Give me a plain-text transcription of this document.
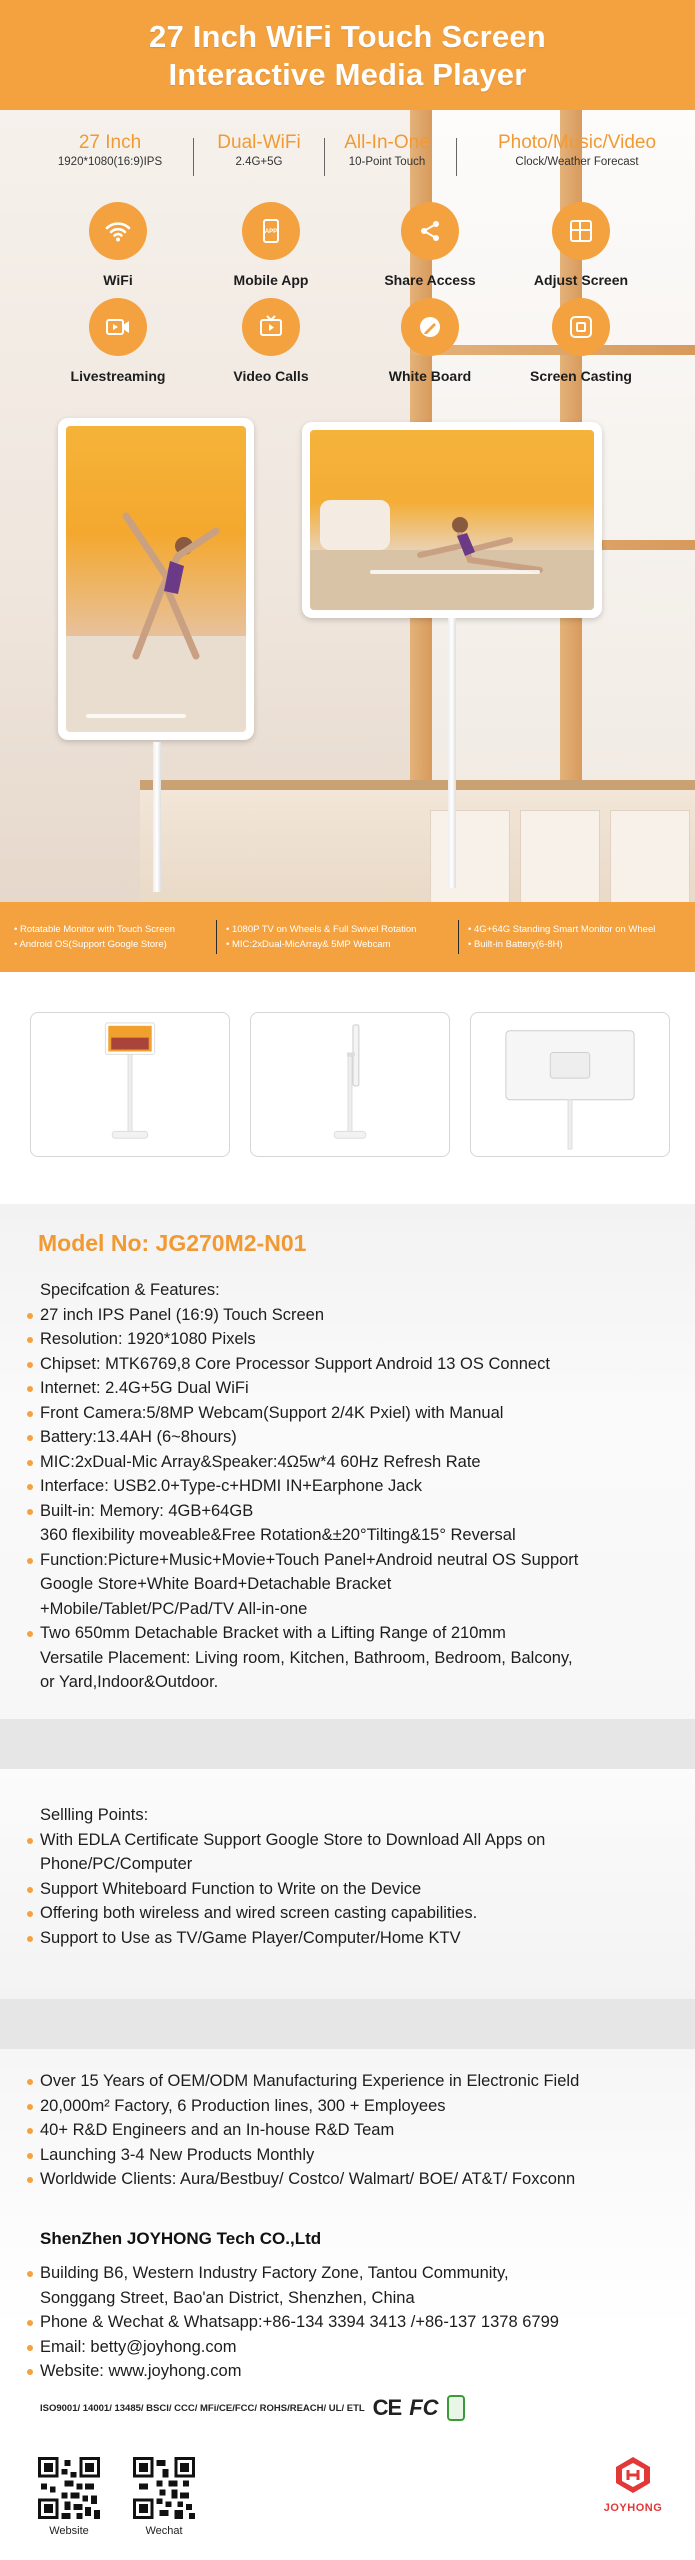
27 Inch WiFi Touch Screen
Interactive Media Player
27 Inch
1920*1080(16:9)IPS
Dual-WiFi
2.4G+5G
All-In-One
10-Point Touch
Photo/Music/Video
Clock/Weather Forecast
WiFi
APP
Mobile App	Share Access	Adjust Screen
Livestreaming	Video Calls	White Board	Screen Casting
• Rotatable Monitor with Touch Screen
• Android OS(Support Google Store)
• 1080P TV on Wheels & Full Swivel Rotation
• MIC:2xDual-MicArray& 5MP Webcam
• 4G+64G Standing Smart Monitor on Wheel
• Built-in Battery(6-8H)
Model No: JG270M2-N01
Specifcation & Features:
27 inch IPS Panel (16:9) Touch Screen
Resolution: 1920*1080 Pixels
Chipset: MTK6769,8 Core Processor Support Android 13 OS Connect
Internet: 2.4G+5G Dual WiFi
Front Camera:5/8MP Webcam(Support 2/4K Pxiel) with Manual
Battery:13.4AH (6~8hours)
MIC:2xDual-Mic Array&Speaker:4Ω5w*4 60Hz Refresh Rate
Interface: USB2.0+Type-c+HDMI IN+Earphone Jack
Built-in: Memory: 4GB+64GB
360 flexibility moveable&Free Rotation&±20°Tilting&15° Reversal
Function:Picture+Music+Movie+Touch Panel+Android neutral OS Support
Google Store+White Board+Detachable Bracket
+Mobile/Tablet/PC/Pad/TV All-in-one
Two 650mm Detachable Bracket with a Lifting Range of 210mm
Versatile Placement: Living room, Kitchen, Bathroom, Bedroom, Balcony,
or Yard,Indoor&Outdoor.
Sellling Points:
With EDLA Certificate Support Google Store to Download All Apps on
Phone/PC/Computer
Support Whiteboard Function to Write on the Device
Offering both wireless and wired screen casting capabilities.
Support to Use as TV/Game Player/Computer/Home KTV
Over 15 Years of OEM/ODM Manufacturing Experience in Electronic Field
20,000m² Factory, 6 Production lines, 300 + Employees
40+ R&D Engineers and an In-house R&D Team
Launching 3-4 New Products Monthly
Worldwide Clients: Aura/Bestbuy/ Costco/ Walmart/ BOE/ AT&T/ Foxconn
ShenZhen JOYHONG Tech CO.,Ltd
Building B6, Western Industry Factory Zone, Tantou Community,
Songgang Street, Bao'an District, Shenzhen, China
Phone & Wechat & Whatsapp:+86-134 3394 3413 /+86-137 1378 6799
Email: betty@joyhong.com
Website: www.joyhong.com
ISO9001/ 14001/ 13485/ BSCI/ CCC/ MFi/CE/FCC/ ROHS/REACH/ UL/ ETL CE FC
Website	Wechat
JOYHONG
